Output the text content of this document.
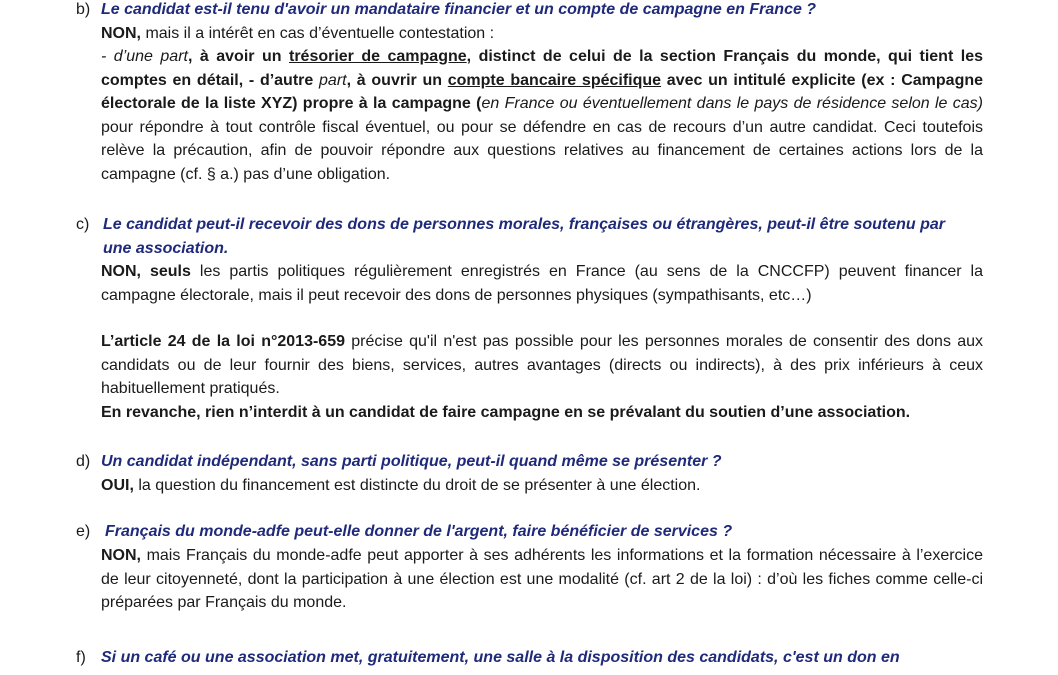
b) Le candidat est-il tenu d'avoir un mandataire financier et un compte de campagne en France ?

NON, mais il a intérêt en cas d’éventuelle contestation :

- d’une part, à avoir un trésorier de campagne, distinct de celui de la section Français du monde, qui tient les comptes en détail, - d’autre part, à ouvrir un compte bancaire spécifique avec un intitulé explicite (ex : Campagne électorale de la liste XYZ) propre à la campagne (en France ou éventuellement dans le pays de résidence selon le cas) pour répondre à tout contrôle fiscal éventuel, ou pour se défendre en cas de recours d’un autre candidat. Ceci toutefois relève la précaution, afin de pouvoir répondre aux questions relatives au financement de certaines actions lors de la campagne (cf. § a.) pas d’une obligation.

c) Le candidat peut-il recevoir des dons de personnes morales, françaises ou étrangères, peut-il être soutenu par une association.

NON, seuls les partis politiques régulièrement enregistrés en France (au sens de la CNCCFP) peuvent financer la campagne électorale, mais il peut recevoir des dons de personnes physiques (sympathisants, etc…)

L’article 24 de la loi n°2013-659 précise qu'il n'est pas possible pour les personnes morales de consentir des dons aux candidats ou de leur fournir des biens, services, autres avantages (directs ou indirects), à des prix inférieurs à ceux habituellement pratiqués.

En revanche, rien n’interdit à un candidat de faire campagne en se prévalant du soutien d’une association.

d) Un candidat indépendant, sans parti politique, peut-il quand même se présenter ?

OUI, la question du financement est distincte du droit de se présenter à une élection.

e) Français du monde-adfe peut-elle donner de l'argent, faire bénéficier de services ?

NON, mais Français du monde-adfe peut apporter à ses adhérents les informations et la formation nécessaire à l’exercice de leur citoyenneté, dont la participation à une élection est une modalité (cf. art 2 de la loi) : d’où les fiches comme celle-ci préparées par Français du monde.

f) Si un café ou une association met, gratuitement, une salle à la disposition des candidats, c'est un don en
